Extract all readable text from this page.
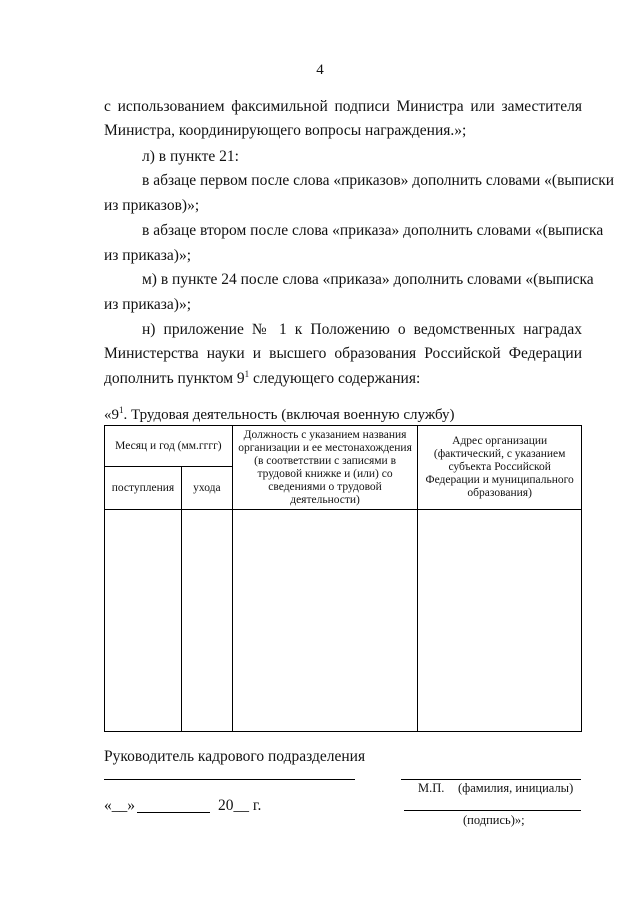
4
с использованием факсимильной подписи Министра или заместителя
Министра, координирующего вопросы награждения.»;
л) в пункте 21:
в абзаце первом после слова «приказов» дополнить словами «(выписки
из приказов)»;
в абзаце втором после слова «приказа» дополнить словами «(выписка
из приказа)»;
м) в пункте 24 после слова «приказа» дополнить словами «(выписка
из приказа)»;
н) приложение № 1 к Положению о ведомственных наградах
Министерства науки и высшего образования Российской Федерации
дополнить пунктом $9^1$ следующего содержания:
«$9^1$. Трудовая деятельность (включая военную службу)
Месяц и год (мм.гггг)		Должность с указанием названия организации и ее местонахождения (в соответствии с записями в трудовой книжке и (или) со сведениями о трудовой деятельности)	Адрес организации (фактический, с указанием субъекта Российской Федерации и муниципального образования)
поступления	ухода		

Руководитель кадрового подразделения
М.П. (фамилия, инициалы)
«__»	20__ г.
(подпись)»;
